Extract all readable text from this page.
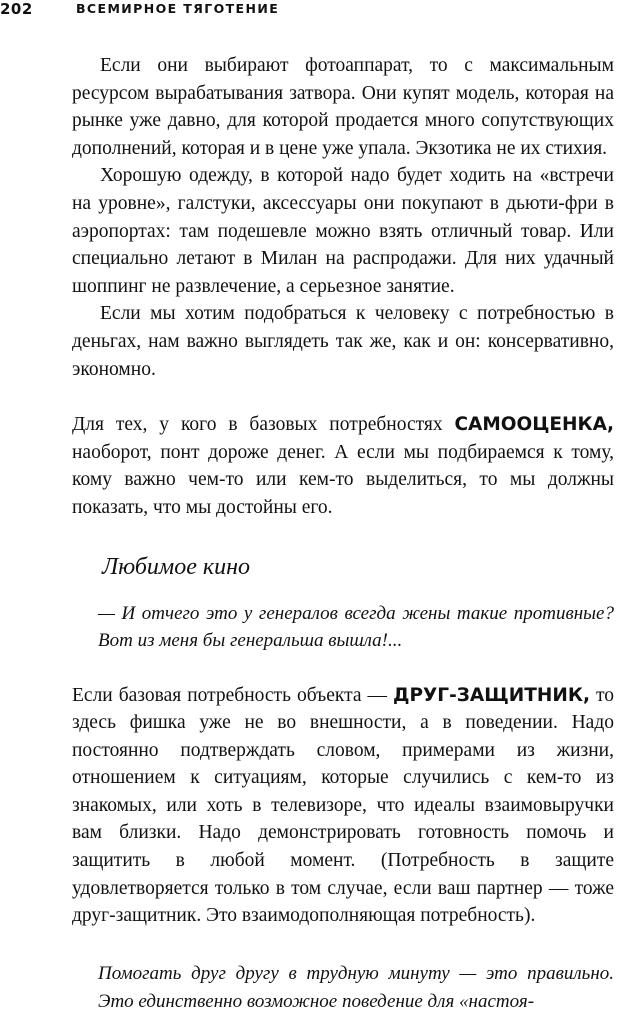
202	ВСЕМИРНОЕ ТЯГОТЕНИЕ

Если они выбирают фотоаппарат, то с максимальным ресурсом вырабатывания затвора. Они купят модель, которая на рынке уже давно, для которой продается много сопутствующих дополнений, которая и в цене уже упала. Экзотика не их стихия.

Хорошую одежду, в которой надо будет ходить на «встречи на уровне», галстуки, аксессуары они покупают в дьюти-фри в аэропортах: там подешевле можно взять отличный товар. Или специально летают в Милан на распродажи. Для них удачный шоппинг не развлечение, а серьезное занятие.

Если мы хотим подобраться к человеку с потребностью в деньгах, нам важно выглядеть так же, как и он: консервативно, экономно.

Для тех, у кого в базовых потребностях САМООЦЕНКА, наоборот, понт дороже денег. А если мы подбираемся к тому, кому важно чем-то или кем-то выделиться, то мы должны показать, что мы достойны его.

Любимое кино

— И отчего это у генералов всегда жены такие противные? Вот из меня бы генеральша вышла!...

Если базовая потребность объекта — ДРУГ-ЗАЩИТНИК, то здесь фишка уже не во внешности, а в поведении. Надо постоянно подтверждать словом, примерами из жизни, отношением к ситуациям, которые случились с кем-то из знакомых, или хоть в телевизоре, что идеалы взаимовыручки вам близки. Надо демонстрировать готовность помочь и защитить в любой момент. (Потребность в защите удовлетворяется только в том случае, если ваш партнер — тоже друг-защитник. Это взаимодополняющая потребность).

Помогать друг другу в трудную минуту — это правильно. Это единственно возможное поведение для «настоя-
